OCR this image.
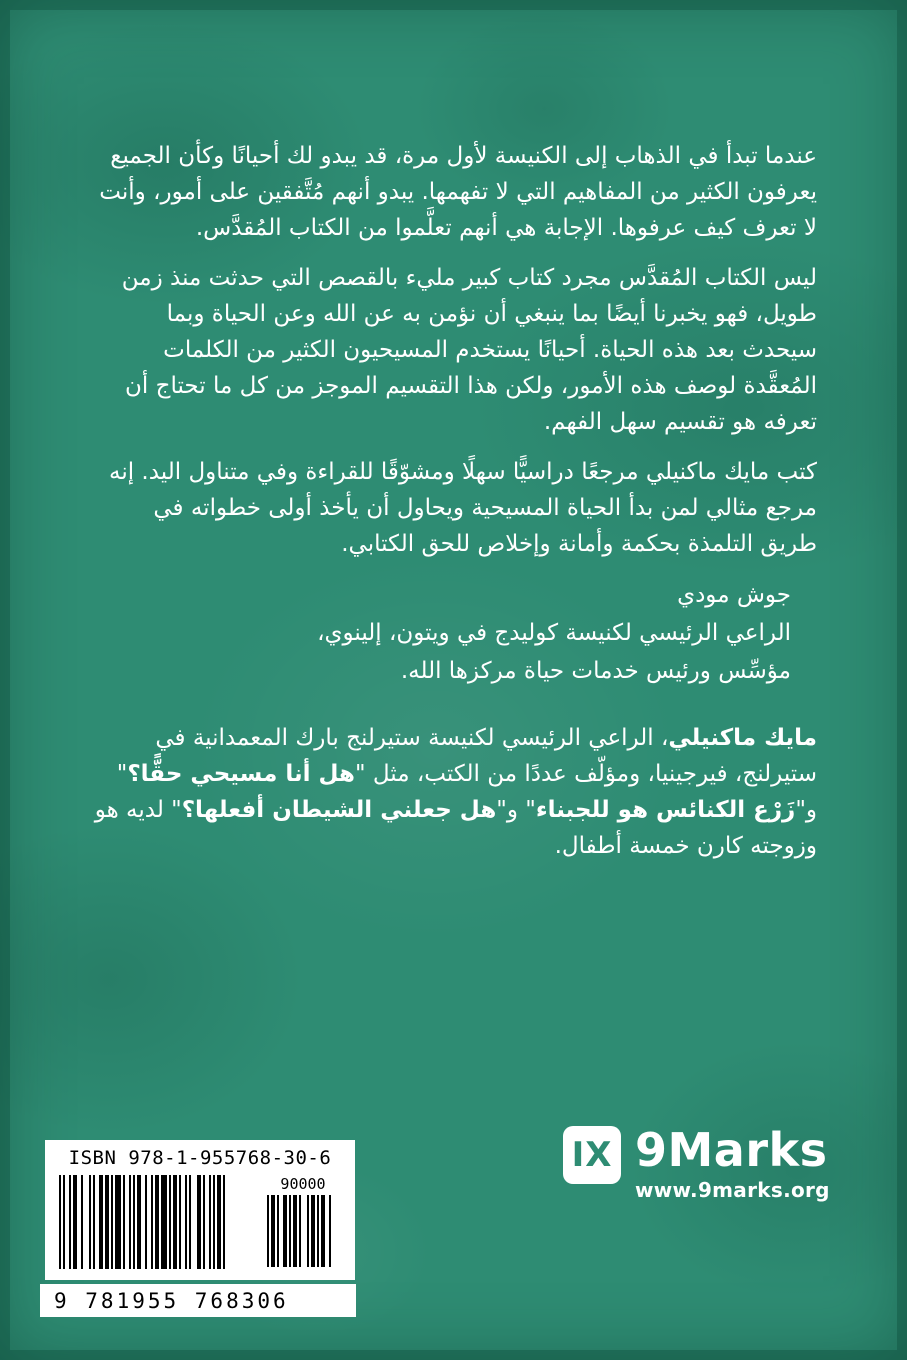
عندما تبدأ في الذهاب إلى الكنيسة لأول مرة، قد يبدو لك أحيانًا وكأن الجميع يعرفون الكثير من المفاهيم التي لا تفهمها. يبدو أنهم مُتَّفقين على أمور، وأنت لا تعرف كيف عرفوها. الإجابة هي أنهم تعلَّموا من الكتاب المُقدَّس.

ليس الكتاب المُقدَّس مجرد كتاب كبير مليء بالقصص التي حدثت منذ زمن طويل، فهو يخبرنا أيضًا بما ينبغي أن نؤمن به عن الله وعن الحياة وبما سيحدث بعد هذه الحياة. أحيانًا يستخدم المسيحيون الكثير من الكلمات المُعقَّدة لوصف هذه الأمور، ولكن هذا التقسيم الموجز من كل ما تحتاج أن تعرفه هو تقسيم سهل الفهم.

كتب مايك ماكنيلي مرجعًا دراسيًّا سهلًا ومشوّقًا للقراءة وفي متناول اليد. إنه مرجع مثالي لمن بدأ الحياة المسيحية ويحاول أن يأخذ أولى خطواته في طريق التلمذة بحكمة وأمانة وإخلاص للحق الكتابي.

جوش مودي

الراعي الرئيسي لكنيسة كوليدج في ويتون، إلينوي،

مؤسِّس ورئيس خدمات حياة مركزها الله.

مايك ماكنيلي، الراعي الرئيسي لكنيسة ستيرلنج بارك المعمدانية في ستيرلنج، فيرجينيا، ومؤلّف عددًا من الكتب، مثل "هل أنا مسيحي حقًّا؟" و"زَرْع الكنائس هو للجبناء" و"هل جعلني الشيطان أفعلها؟" لديه هو وزوجته كارن خمسة أطفال.

ISBN 978-1-955768-30-6
90000
9 781955 768306
IX 9Marks
www.9marks.org
